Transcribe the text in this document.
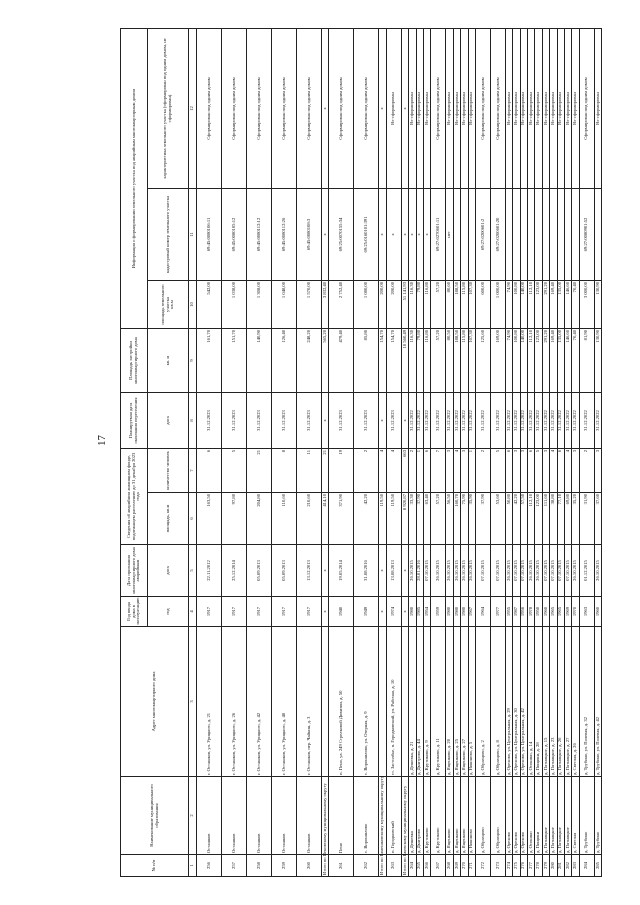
17
№ п/п	Наименование муниципального образования	Адрес многоквартирного дома	Год ввода дома в эксплуатацию	Дата признания многоквартирного дома аварийным	Сведения об аварийном жилищном фонде, подлежащем расселению до 31 декабря 2023 года		Планируемая дата окончания переселения	Площадь застройки многоквартирного дома	Информация о формировании земельного участка под аварийным многоквартирным домом		
			год	дата	площадь, кв.м	количество человек	дата	кв. м	площадь земельного участка
кв.м	кадастровый номер земельного участка	характеристика земельного участка (сформирован под одним домом, не сформирован)
1	2	3	4	5	6	7	8	9	10	11	12
256	Осташков	г. Осташков, ул. Урицкого, д. 21	1917	22.11.2012	163,50	6	31.12.2023	161,70	542,00	69:45:0080106:11	Сформирован под одним домом
257	Осташков	г. Осташков, ул. Урицкого, д. 26	1917	25.12.2014	97,80	5	31.12.2023	151,70	1 038,00	69:45:0080105:12	Сформирован под одним домом
258	Осташков	г. Осташков, ул. Урицкого, д. 42	1917	05.09.2013	204,80	21	31.12.2023	140,90	1 308,00	69:45:0080112:12	Сформирован под одним домом
259	Осташков	г. Осташков, ул. Урицкого, д. 48	1917	05.09.2013	110,60	8	31.12.2023	126,40	1 048,00	69:45:0080112:26	Сформирован под одним домом
260	Осташков	г. Осташков, пер. Чайкин, д. 3	1917	13.12.2013	210,60	11	31.12.2023	248,20	1 570,00	69:45:0080108:3	Сформирован под одним домом
Итого по Пеновскому муниципальному округу			х	х	414,10	21	х	565,20	3 832,40	х	х
261	Пено	п. Пено, ул. 249 Стрелковой Дивизии, д. 50	1940	19.05.2014	371,90	19	31.12.2023	479,40	2 752,40	69:25:0070155:34	Сформирован под одним домом
262	с. Ворошилово	с. Ворошилово, ул. Озерная, д. 9	1949	31.08.2016	42,20	2	31.12.2023	85,80	1 080,00	69:25:0160101:391	Сформирован под одним домом
Итого по Рамешковскому муниципальному округу			х	х	119,50	4	х	154,70	200,00	х	х
263	п. Городковский	ст. Застолбье, п. Городковский, ул. Рабочая, д. 10	1974	13.08.2013	119,50	4	31.12.2023	154,70	200,00	х	Не сформирован
Итого по Ржевскому муниципальному округу			х	х	8 920,87	663	х	10 560,49	51 141,93	х	х
264	д. Дешевка	д. Дешевка, д. 21	1980	26.10.2015	33,30	2	31.12.2022	116,30	116,30	х	Не сформирован
265	д. Дмитрово	д. Дмитрово, д. 44	1985	28.01.2016	37,90	1	31.12.2022	79,80	79,80	х	Не сформирован
266	д. Крутиково	д. Крутиково, д. 9	1954	07.10.2015	63,40	6	31.12.2022	116,80	116,80	х	Не сформирован
267	д. Крутиково	д. Крутиково, д. 11	1959	26.10.2015	57,20	7	31.12.2022	57,20	57,20	69:27:0270601:11	Сформирован под одним домом
268	д. Ященково	д. Ященково, д. 20	1980	26.10.2015	56,50	3	31.12.2022	80,50	80,60	нет	Не сформирован
269	д. Ященково	д. Ященково, д. 25	1980	26.10.2015	160,70	4	31.12.2022	188,50	188,50		Не сформирован
270	д. Ященково	д. Ященково, д. 27	1980	26.10.2015	75,90	3	31.12.2022	115,80	115,80		Не сформирован
271	д. Никоново	д. Никоново, д. 5	1967	26.10.2015	35,90	1	31.12.2022	107,30	107,30		Не сформирован
272	д. Образцово	д. Образцово, д. 2	1964	07.10.2015	37,90	2	31.12.2022	125,60	600,00	69:27:0200601:2	Сформирован под одним домом
273	д. Образцово	д. Образцово, д. 8	1977	07.10.2015	53,60	5	31.12.2022	169,00	1 000,00	69:27:0200601:20	Сформирован под одним домом
274	д. Орехово	д. Орехово, ул. Центральная, д. 29	1955	26.10.2015	50,80	6	31.12.2022	74,90	74,90		Не сформирован
275	д. Орехово	д. Орехово, ул. Центральная, д. 30	1987	07.10.2015	42,20	3	31.12.2022	100,80	100,80		Не сформирован
276	д. Орехово	д. Орехово, ул. Центральная, д. 42	1956	07.10.2015	57,50	3	31.12.2022	140,00	140,00		Не сформирован
277	д. Осокино	д. Осокино, д. 14	1978	26.10.2015	112,10	6	31.12.2022	112,10	112,10		Не сформирован
278	д. Пищики	д. Пищики, д. 28	1950	26.10.2015	123,00	5	31.12.2022	123,00	123,00		Не сформирован
279	д. Пятницкое	д. Пятницкое, д. 15	1960	07.10.2015	111,60	3	31.12.2022	291,20	291,20		Не сформирован
280	д. Пятницкое	д. Пятницкое, д. 23	1965	07.10.2015	38,80	4	31.12.2022	169,40	169,40		Не сформирован
281	д. Пятницкое	д. Пятницкое, д. 26	1965	07.10.2015	77,10	6	31.12.2022	135,00	135,00		Не сформирован
282	д. Пятницкое	д. Пятницкое, д. 27	1969	07.10.2015	69,80	4	31.12.2022	146,60	146,60		Не сформирован
283	д. Светлая	д. Светлая, д. 26	1970	26.10.2015	35,20	3	31.12.2022	70,40	70,40		Не сформирован
284	д. Трубино	д. Трубино, ул. Полевая, д. 32	1963	01.12.2015	31,90	2	31.12.2022	81,90	3 000,00	69:27:0080901:52	Сформирован под одним домом
285	д. Трубино	д. Трубино, ул. Полевая, д. 42	1960	26.10.2015	37,60	3	31.12.2022	130,90	130,90		Не сформирован
